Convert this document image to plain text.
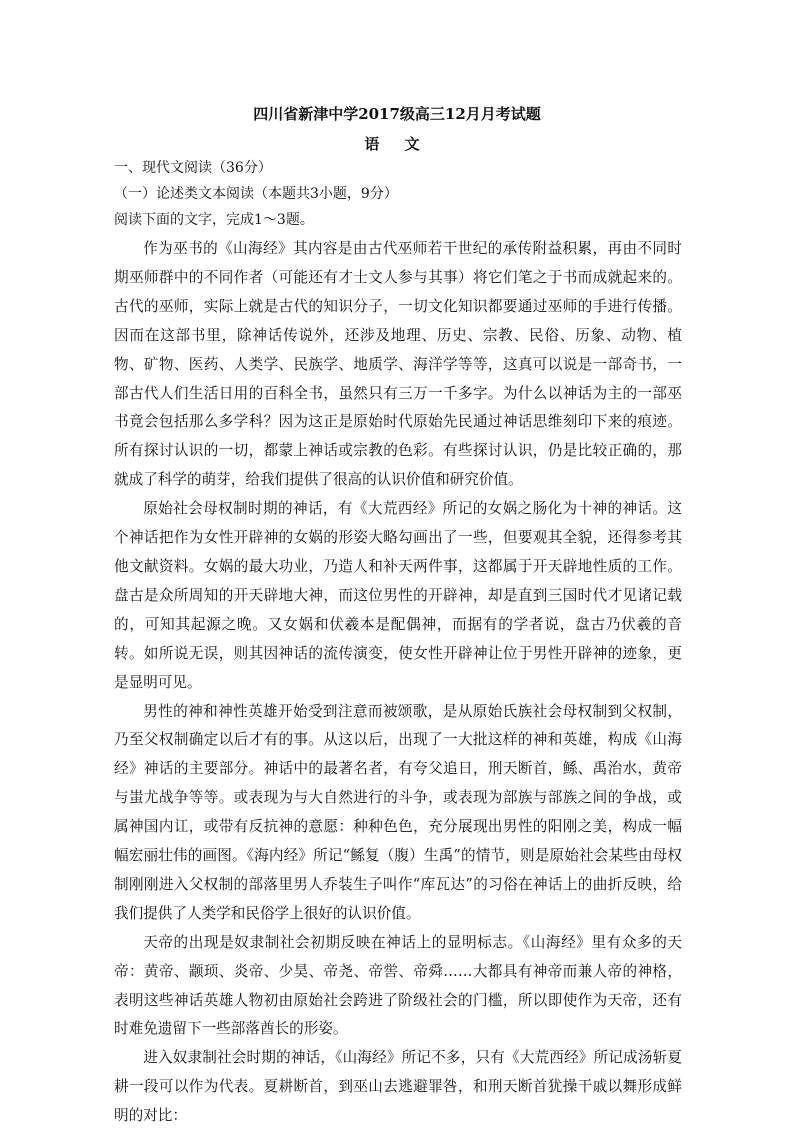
四川省新津中学2017级高三12月月考试题
语 文
一、现代文阅读（36分）
（一）论述类文本阅读（本题共3小题，9分）
阅读下面的文字，完成1～3题。

作为巫书的《山海经》其内容是由古代巫师若干世纪的承传附益积累，再由不同时期巫师群中的不同作者（可能还有才士文人参与其事）将它们笔之于书而成就起来的。古代的巫师，实际上就是古代的知识分子，一切文化知识都要通过巫师的手进行传播。因而在这部书里，除神话传说外，还涉及地理、历史、宗教、民俗、历象、动物、植物、矿物、医药、人类学、民族学、地质学、海洋学等等，这真可以说是一部奇书，一部古代人们生活日用的百科全书，虽然只有三万一千多字。为什么以神话为主的一部巫书竟会包括那么多学科？因为这正是原始时代原始先民通过神话思维刻印下来的痕迹。所有探讨认识的一切，都蒙上神话或宗教的色彩。有些探讨认识，仍是比较正确的，那就成了科学的萌芽，给我们提供了很高的认识价值和研究价值。

原始社会母权制时期的神话，有《大荒西经》所记的女娲之肠化为十神的神话。这个神话把作为女性开辟神的女娲的形姿大略勾画出了一些，但要观其全貌，还得参考其他文献资料。女娲的最大功业，乃造人和补天两件事，这都属于开天辟地性质的工作。盘古是众所周知的开天辟地大神，而这位男性的开辟神，却是直到三国时代才见诸记载的，可知其起源之晚。又女娲和伏羲本是配偶神，而据有的学者说，盘古乃伏羲的音转。如所说无误，则其因神话的流传演变，使女性开辟神让位于男性开辟神的迹象，更是显明可见。

男性的神和神性英雄开始受到注意而被颂歌，是从原始氏族社会母权制到父权制，乃至父权制确定以后才有的事。从这以后，出现了一大批这样的神和英雄，构成《山海经》神话的主要部分。神话中的最著名者，有夸父追日，刑天断首，鲧、禹治水，黄帝与蚩尤战争等等。或表现为与大自然进行的斗争，或表现为部族与部族之间的争战，或属神国内讧，或带有反抗神的意愿：种种色色，充分展现出男性的阳刚之美，构成一幅幅宏丽壮伟的画图。《海内经》所记“鲧复（腹）生禹”的情节，则是原始社会某些由母权制刚刚进入父权制的部落里男人乔装生子叫作“库瓦达”的习俗在神话上的曲折反映，给我们提供了人类学和民俗学上很好的认识价值。

天帝的出现是奴隶制社会初期反映在神话上的显明标志。《山海经》里有众多的天帝：黄帝、颛顼、炎帝、少昊、帝尧、帝喾、帝舜……大都具有神帝而兼人帝的神格，表明这些神话英雄人物初由原始社会跨进了阶级社会的门槛，所以即使作为天帝，还有时难免遗留下一些部落酋长的形姿。

进入奴隶制社会时期的神话，《山海经》所记不多，只有《大荒西经》所记成汤斩夏耕一段可以作为代表。夏耕断首，到巫山去逃避罪咎，和刑天断首犹操干戚以舞形成鲜明的对比：
